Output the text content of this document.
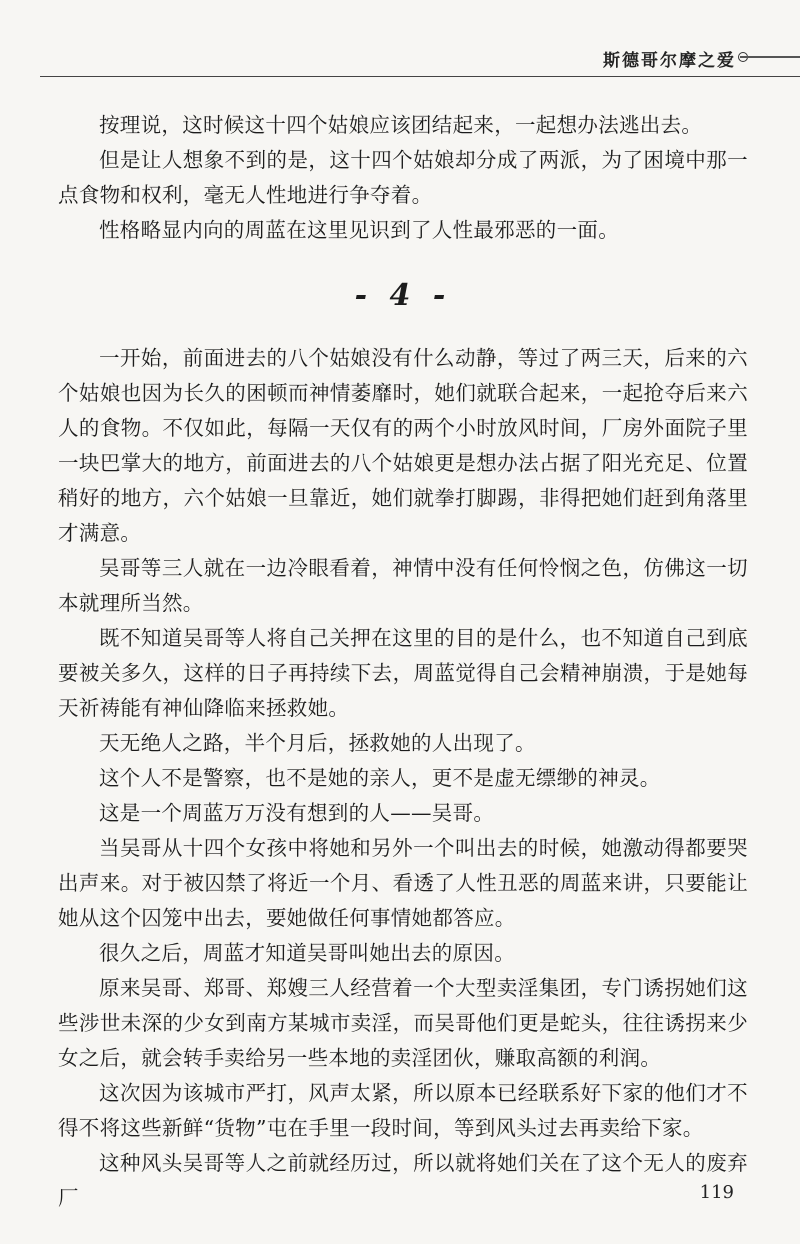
斯德哥尔摩之爱

按理说，这时候这十四个姑娘应该团结起来，一起想办法逃出去。

但是让人想象不到的是，这十四个姑娘却分成了两派，为了困境中那一点食物和权利，毫无人性地进行争夺着。

性格略显内向的周蓝在这里见识到了人性最邪恶的一面。

- 4 -

一开始，前面进去的八个姑娘没有什么动静，等过了两三天，后来的六个姑娘也因为长久的困顿而神情萎靡时，她们就联合起来，一起抢夺后来六人的食物。不仅如此，每隔一天仅有的两个小时放风时间，厂房外面院子里一块巴掌大的地方，前面进去的八个姑娘更是想办法占据了阳光充足、位置稍好的地方，六个姑娘一旦靠近，她们就拳打脚踢，非得把她们赶到角落里才满意。

吴哥等三人就在一边冷眼看着，神情中没有任何怜悯之色，仿佛这一切本就理所当然。

既不知道吴哥等人将自己关押在这里的目的是什么，也不知道自己到底要被关多久，这样的日子再持续下去，周蓝觉得自己会精神崩溃，于是她每天祈祷能有神仙降临来拯救她。

天无绝人之路，半个月后，拯救她的人出现了。

这个人不是警察，也不是她的亲人，更不是虚无缥缈的神灵。

这是一个周蓝万万没有想到的人——吴哥。

当吴哥从十四个女孩中将她和另外一个叫出去的时候，她激动得都要哭出声来。对于被囚禁了将近一个月、看透了人性丑恶的周蓝来讲，只要能让她从这个囚笼中出去，要她做任何事情她都答应。

很久之后，周蓝才知道吴哥叫她出去的原因。

原来吴哥、郑哥、郑嫂三人经营着一个大型卖淫集团，专门诱拐她们这些涉世未深的少女到南方某城市卖淫，而吴哥他们更是蛇头，往往诱拐来少女之后，就会转手卖给另一些本地的卖淫团伙，赚取高额的利润。

这次因为该城市严打，风声太紧，所以原本已经联系好下家的他们才不得不将这些新鲜“货物”屯在手里一段时间，等到风头过去再卖给下家。

这种风头吴哥等人之前就经历过，所以就将她们关在了这个无人的废弃厂	119
